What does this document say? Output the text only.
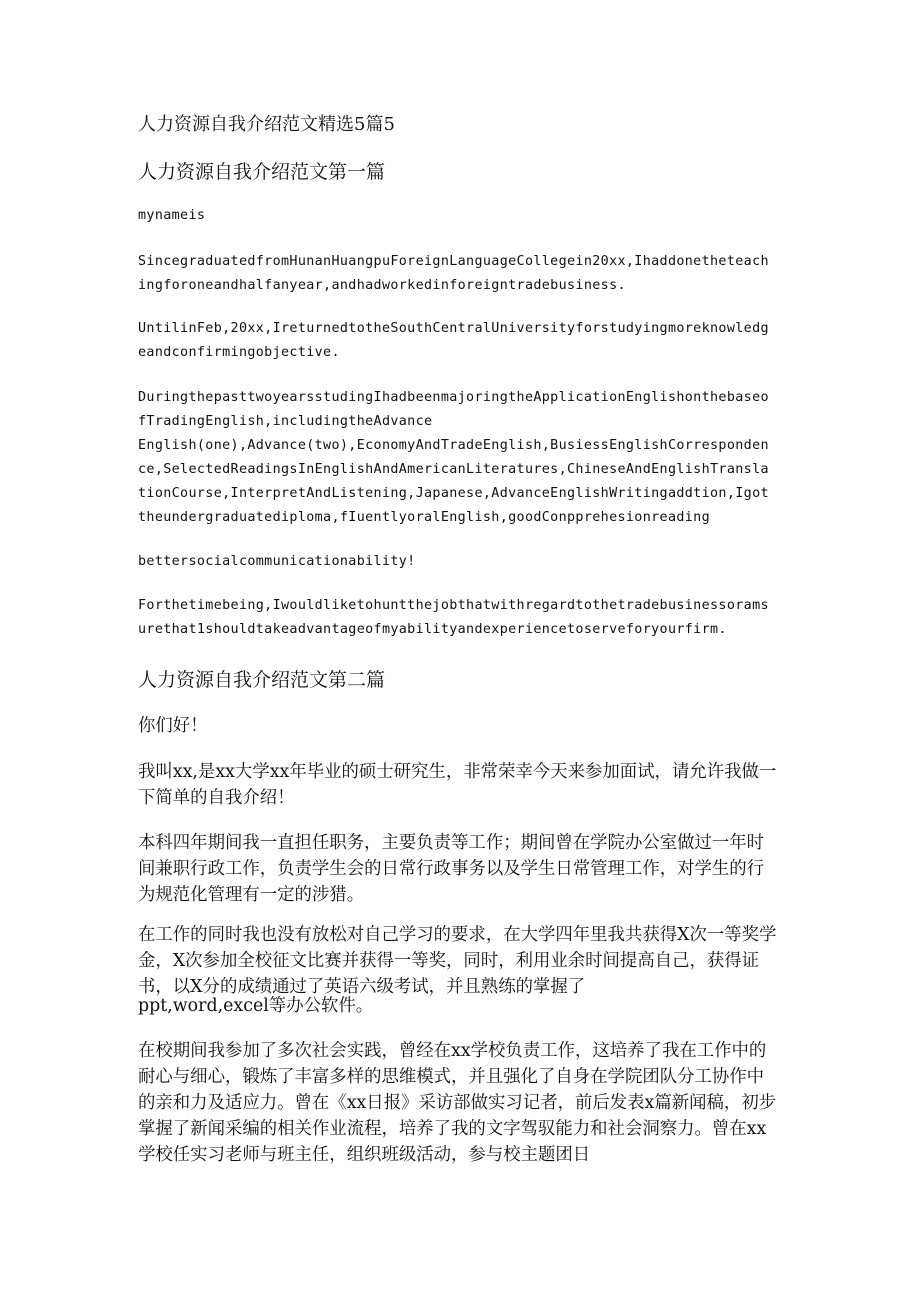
人力资源自我介绍范文精选5篇5
人力资源自我介绍范文第一篇

mynameis

SincegraduatedfromHunanHuangpuForeignLanguageCollegein20xx,Ihaddonetheteachingforoneandhalfanyear,andhadworkedinforeigntradebusiness.

UntilinFeb,20xx,IreturnedtotheSouthCentralUniversityforstudyingmoreknowledgeandconfirmingobjective.

DuringthepasttwoyearsstudingIhadbeenmajoringtheApplicationEnglishonthebaseofTradingEnglish,includingtheAdvance

English(one),Advance(two),EconomyAndTradeEnglish,BusiessEnglishCorrespondence,SelectedReadingsInEnglishAndAmericanLiteratures,ChineseAndEnglishTranslationCourse,InterpretAndListening,Japanese,AdvanceEnglishWritingaddtion,Igottheundergraduatediploma,fIuentlyoralEnglish,goodConpprehesionreading

bettersocialcommunicationability!

Forthetimebeing,Iwouldliketohuntthejobthatwithregardtothetradebusinessoramsurethat1shouldtakeadvantageofmyabilityandexperiencetoserveforyourfirm.

人力资源自我介绍范文第二篇

你们好！

我叫xx,是xx大学xx年毕业的硕士研究生，非常荣幸今天来参加面试，请允许我做一下简单的自我介绍！

本科四年期间我一直担任职务，主要负责等工作；期间曾在学院办公室做过一年时间兼职行政工作，负责学生会的日常行政事务以及学生日常管理工作，对学生的行为规范化管理有一定的涉猎。

在工作的同时我也没有放松对自己学习的要求，在大学四年里我共获得X次一等奖学金，X次参加全校征文比赛并获得一等奖，同时，利用业余时间提高自己，获得证书，以X分的成绩通过了英语六级考试，并且熟练的掌握了

ppt,word,excel等办公软件。

在校期间我参加了多次社会实践，曾经在xx学校负责工作，这培养了我在工作中的耐心与细心，锻炼了丰富多样的思维模式，并且强化了自身在学院团队分工协作中的亲和力及适应力。曾在《xx日报》采访部做实习记者，前后发表x篇新闻稿，初步掌握了新闻采编的相关作业流程，培养了我的文字驾驭能力和社会洞察力。曾在xx学校任实习老师与班主任，组织班级活动，参与校主题团日
